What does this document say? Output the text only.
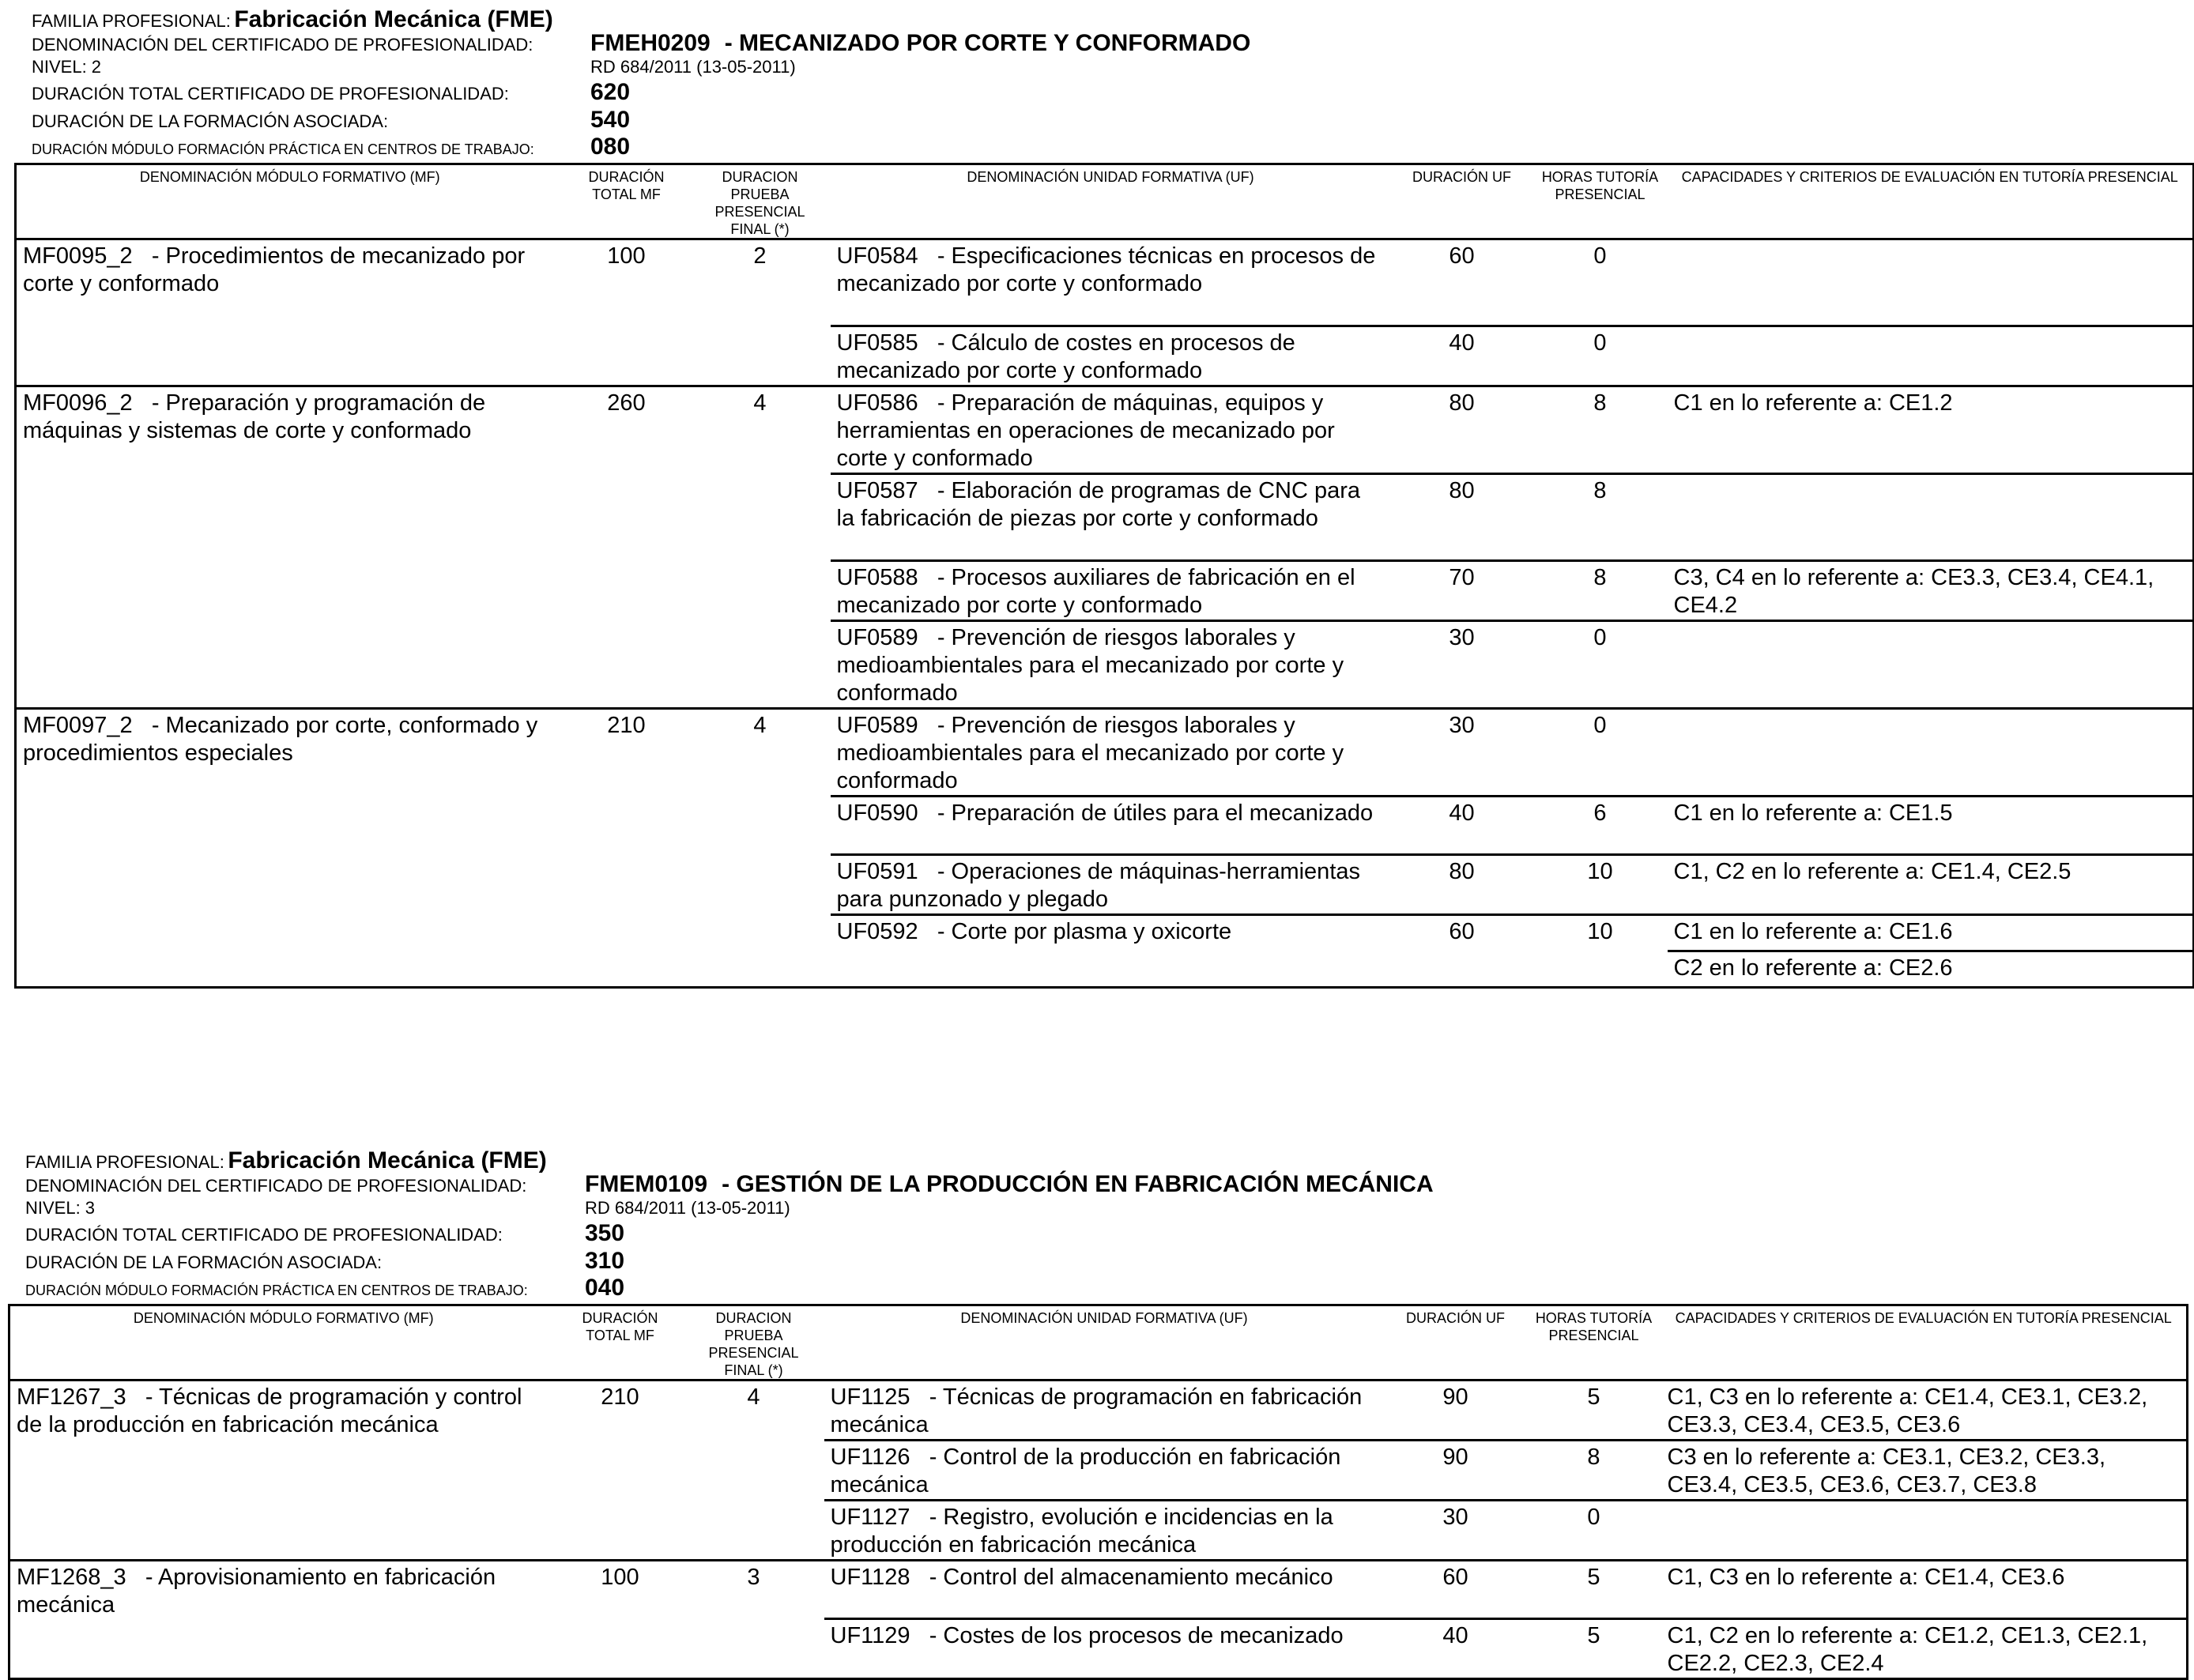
FAMILIA PROFESIONAL: Fabricación Mecánica (FME)
DENOMINACIÓN DEL CERTIFICADO DE PROFESIONALIDAD: FMEH0209 - MECANIZADO POR CORTE Y CONFORMADO
NIVEL: 2	RD 684/2011 (13-05-2011)
DURACIÓN TOTAL CERTIFICADO DE PROFESIONALIDAD:	620
DURACIÓN DE LA FORMACIÓN ASOCIADA:	540
DURACIÓN MÓDULO FORMACIÓN PRÁCTICA EN CENTROS DE TRABAJO: 080
DENOMINACIÓN MÓDULO FORMATIVO (MF)	DURACIÓN TOTAL MF	DURACION PRUEBA PRESENCIAL FINAL (*)	DENOMINACIÓN UNIDAD FORMATIVA (UF)	DURACIÓN UF	HORAS TUTORÍA PRESENCIAL	CAPACIDADES Y CRITERIOS DE EVALUACIÓN EN TUTORÍA PRESENCIAL
MF0095_2 - Procedimientos de mecanizado por corte y conformado	100	2	UF0584 - Especificaciones técnicas en procesos de mecanizado por corte y conformado	60	0	
			UF0585 - Cálculo de costes en procesos de mecanizado por corte y conformado	40	0	
MF0096_2 - Preparación y programación de máquinas y sistemas de corte y conformado	260	4	UF0586 - Preparación de máquinas, equipos y herramientas en operaciones de mecanizado por corte y conformado	80	8	C1 en lo referente a: CE1.2
			UF0587 - Elaboración de programas de CNC para la fabricación de piezas por corte y conformado	80	8	
			UF0588 - Procesos auxiliares de fabricación en el mecanizado por corte y conformado	70	8	C3, C4 en lo referente a: CE3.3, CE3.4, CE4.1, CE4.2
			UF0589 - Prevención de riesgos laborales y medioambientales para el mecanizado por corte y conformado	30	0	
MF0097_2 - Mecanizado por corte, conformado y procedimientos especiales	210	4	UF0589 - Prevención de riesgos laborales y medioambientales para el mecanizado por corte y conformado	30	0	
			UF0590 - Preparación de útiles para el mecanizado	40	6	C1 en lo referente a: CE1.5
			UF0591 - Operaciones de máquinas-herramientas para punzonado y plegado	80	10	C1, C2 en lo referente a: CE1.4, CE2.5
			UF0592 - Corte por plasma y oxicorte	60	10	C1 en lo referente a: CE1.6
						C2 en lo referente a: CE2.6
FAMILIA PROFESIONAL: Fabricación Mecánica (FME)
DENOMINACIÓN DEL CERTIFICADO DE PROFESIONALIDAD: FMEM0109 - GESTIÓN DE LA PRODUCCIÓN EN FABRICACIÓN MECÁNICA
NIVEL: 3	RD 684/2011 (13-05-2011)
DURACIÓN TOTAL CERTIFICADO DE PROFESIONALIDAD:	350
DURACIÓN DE LA FORMACIÓN ASOCIADA:	310
DURACIÓN MÓDULO FORMACIÓN PRÁCTICA EN CENTROS DE TRABAJO: 040
DENOMINACIÓN MÓDULO FORMATIVO (MF)	DURACIÓN TOTAL MF	DURACION PRUEBA PRESENCIAL FINAL (*)	DENOMINACIÓN UNIDAD FORMATIVA (UF)	DURACIÓN UF	HORAS TUTORÍA PRESENCIAL	CAPACIDADES Y CRITERIOS DE EVALUACIÓN EN TUTORÍA PRESENCIAL
MF1267_3 - Técnicas de programación y control de la producción en fabricación mecánica	210	4	UF1125 - Técnicas de programación en fabricación mecánica	90	5	C1, C3 en lo referente a: CE1.4, CE3.1, CE3.2, CE3.3, CE3.4, CE3.5, CE3.6
			UF1126 - Control de la producción en fabricación mecánica	90	8	C3 en lo referente a: CE3.1, CE3.2, CE3.3, CE3.4, CE3.5, CE3.6, CE3.7, CE3.8
			UF1127 - Registro, evolución e incidencias en la producción en fabricación mecánica	30	0	
MF1268_3 - Aprovisionamiento en fabricación mecánica	100	3	UF1128 - Control del almacenamiento mecánico	60	5	C1, C3 en lo referente a: CE1.4, CE3.6
			UF1129 - Costes de los procesos de mecanizado	40	5	C1, C2 en lo referente a: CE1.2, CE1.3, CE2.1, CE2.2, CE2.3, CE2.4
